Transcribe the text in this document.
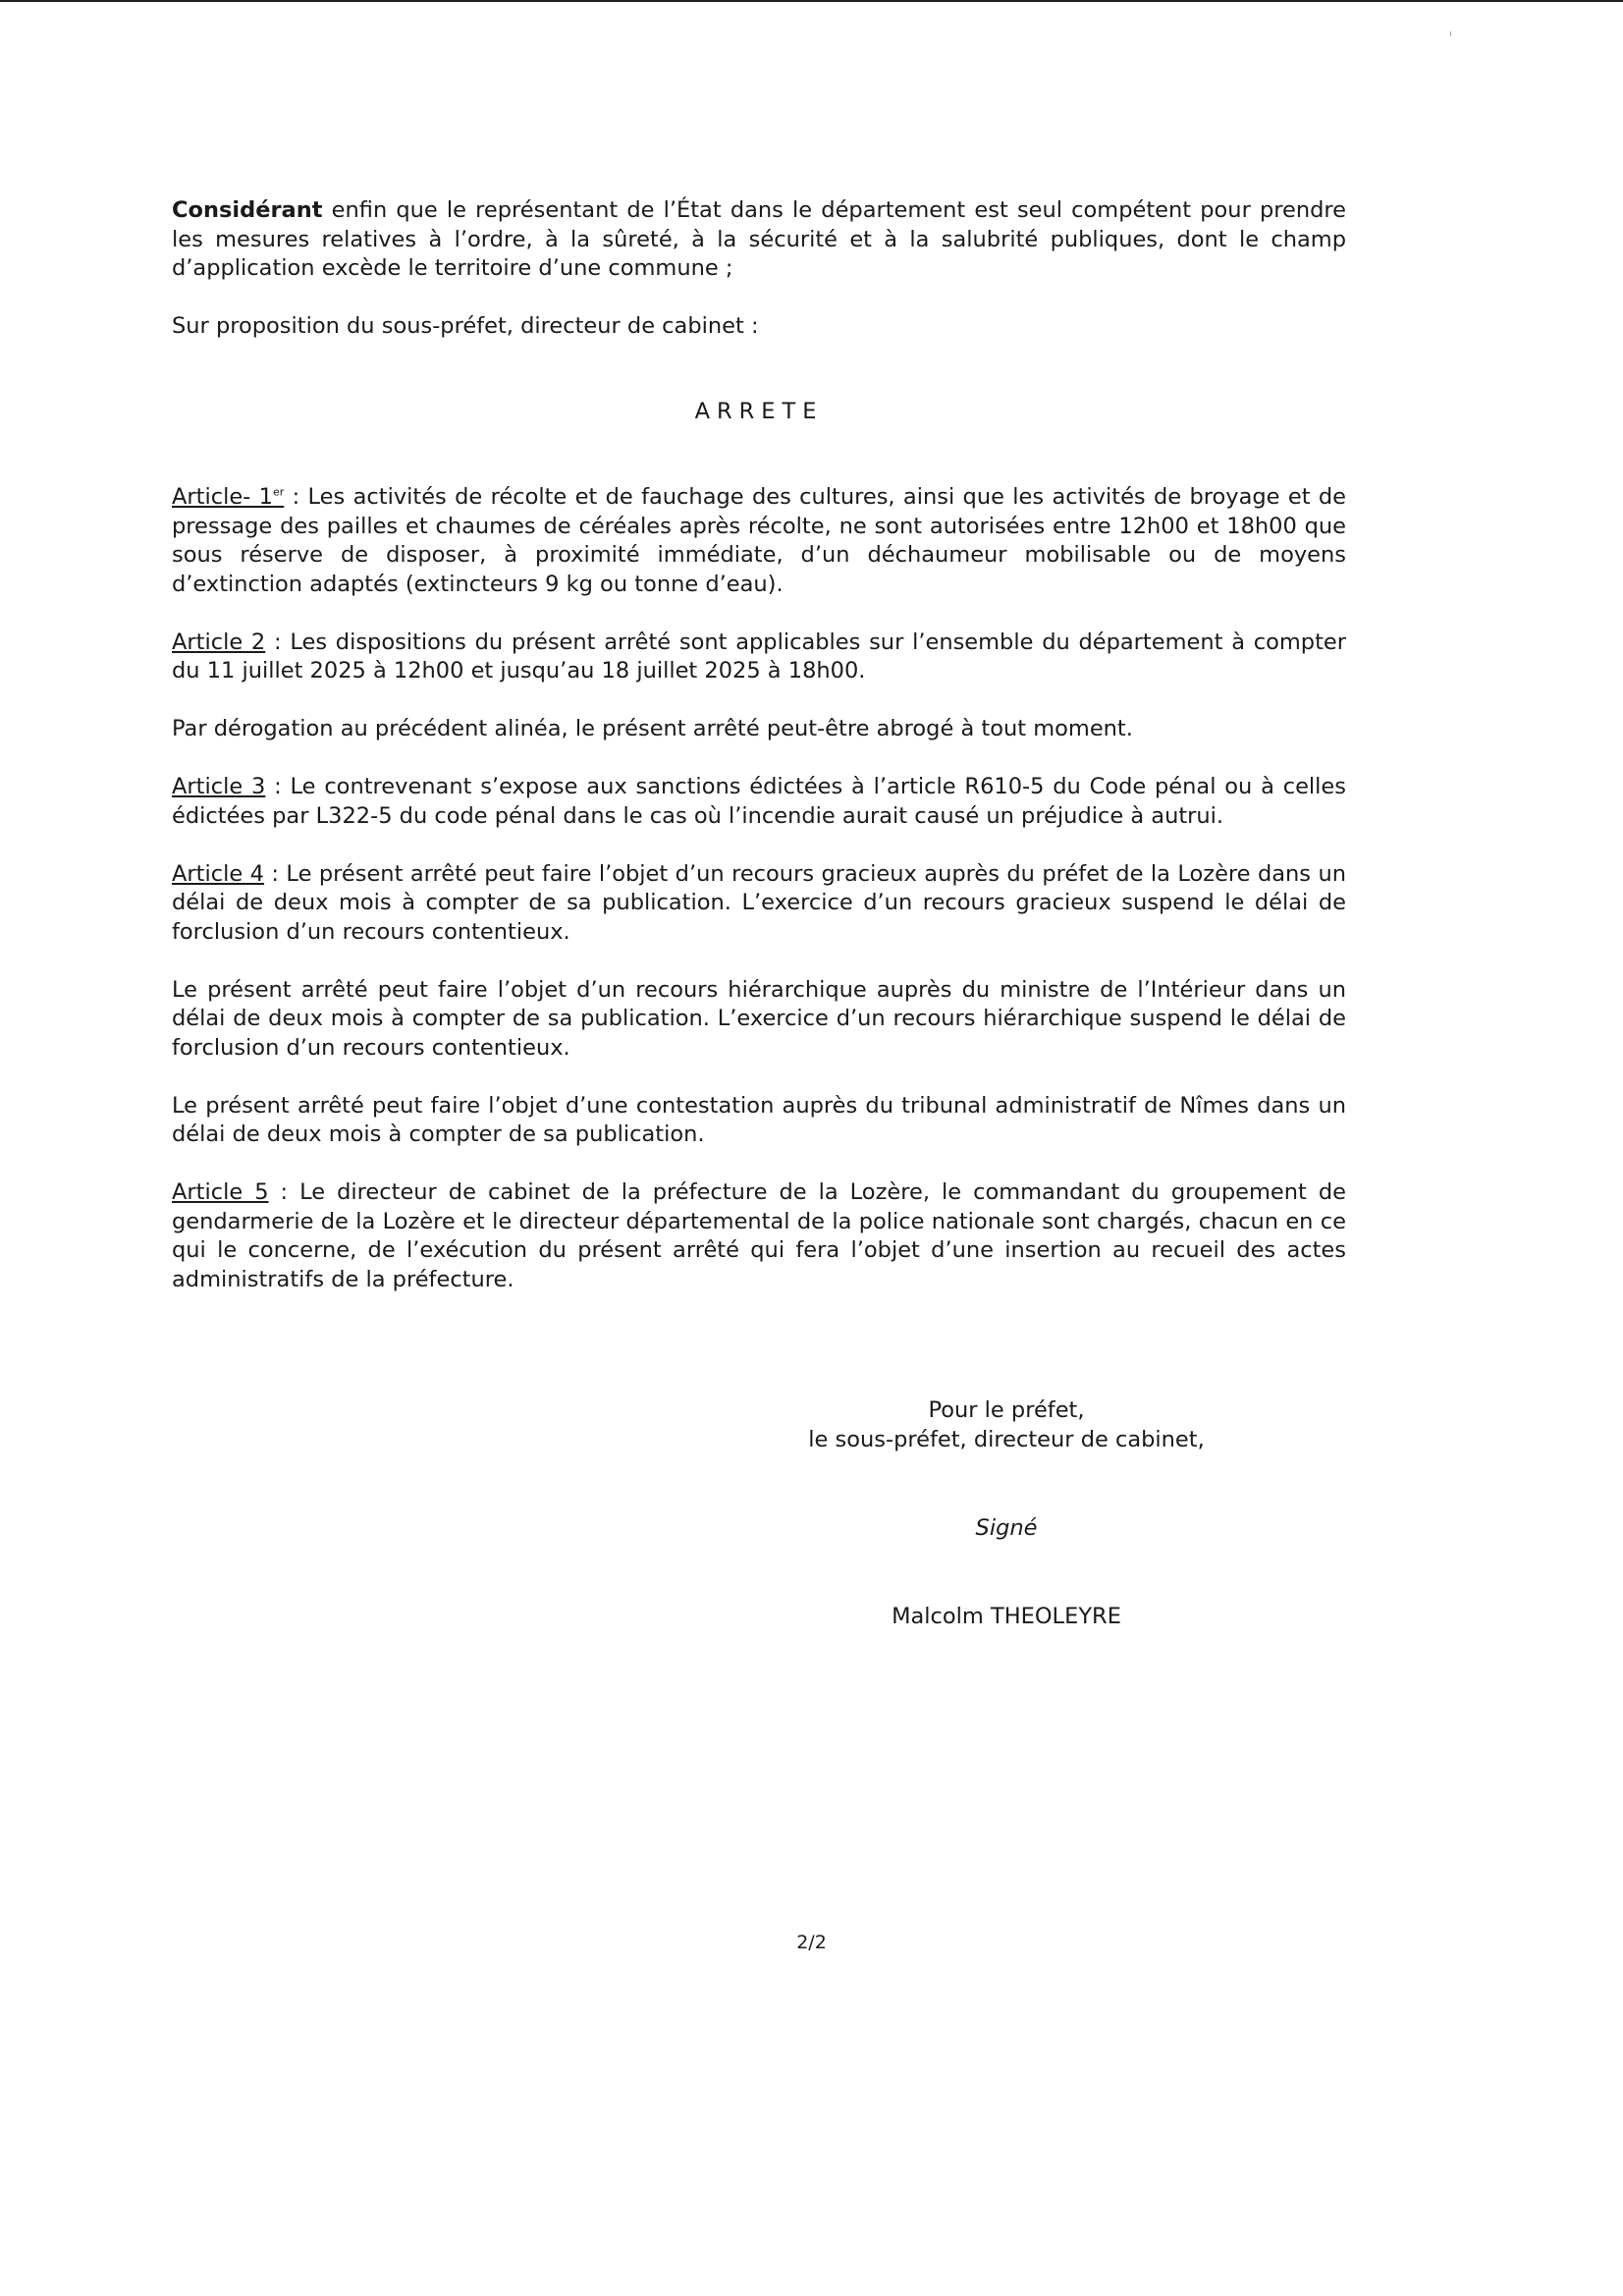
Considérant enfin que le représentant de l’État dans le département est seul compétent pour prendre les mesures relatives à l’ordre, à la sûreté, à la sécurité et à la salubrité publiques, dont le champ d’application excède le territoire d’une commune ;

Sur proposition du sous-préfet, directeur de cabinet :

ARRETE

Article- 1er : Les activités de récolte et de fauchage des cultures, ainsi que les activités de broyage et de pressage des pailles et chaumes de céréales après récolte, ne sont autorisées entre 12h00 et 18h00 que sous réserve de disposer, à proximité immédiate, d’un déchaumeur mobilisable ou de moyens d’extinction adaptés (extincteurs 9 kg ou tonne d’eau).

Article 2 : Les dispositions du présent arrêté sont applicables sur l’ensemble du département à compter du 11 juillet 2025 à 12h00 et jusqu’au 18 juillet 2025 à 18h00.

Par dérogation au précédent alinéa, le présent arrêté peut-être abrogé à tout moment.

Article 3 : Le contrevenant s’expose aux sanctions édictées à l’article R610-5 du Code pénal ou à celles édictées par L322-5 du code pénal dans le cas où l’incendie aurait causé un préjudice à autrui.

Article 4 : Le présent arrêté peut faire l’objet d’un recours gracieux auprès du préfet de la Lozère dans un délai de deux mois à compter de sa publication. L’exercice d’un recours gracieux suspend le délai de forclusion d’un recours contentieux.

Le présent arrêté peut faire l’objet d’un recours hiérarchique auprès du ministre de l’Intérieur dans un délai de deux mois à compter de sa publication. L’exercice d’un recours hiérarchique suspend le délai de forclusion d’un recours contentieux.

Le présent arrêté peut faire l’objet d’une contestation auprès du tribunal administratif de Nîmes dans un délai de deux mois à compter de sa publication.

Article 5 : Le directeur de cabinet de la préfecture de la Lozère, le commandant du groupement de gendarmerie de la Lozère et le directeur départemental de la police nationale sont chargés, chacun en ce qui le concerne, de l’exécution du présent arrêté qui fera l’objet d’une insertion au recueil des actes administratifs de la préfecture.

Pour le préfet,
le sous-préfet, directeur de cabinet,
Signé
Malcolm THEOLEYRE
2/2
